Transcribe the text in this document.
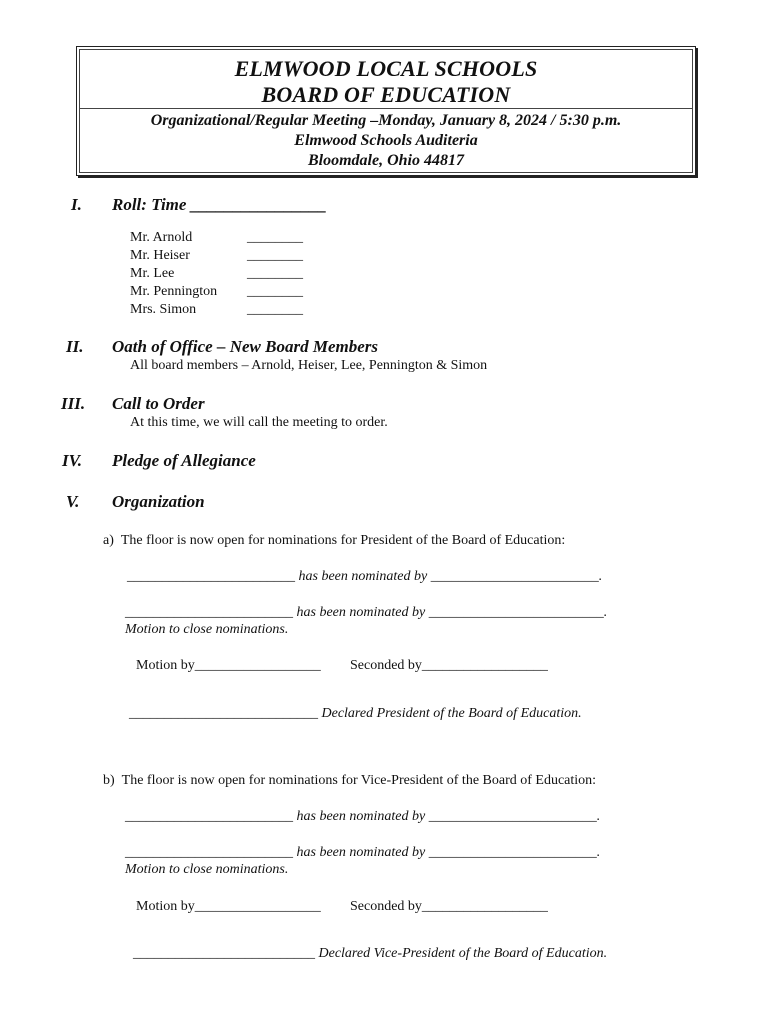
ELMWOOD LOCAL SCHOOLS
BOARD OF EDUCATION
Organizational/Regular Meeting –Monday, January 8, 2024 / 5:30 p.m.
Elmwood Schools Auditeria
Bloomdale, Ohio 44817
I. Roll: Time ________________
Mr. Arnold	________
Mr. Heiser	________
Mr. Lee	________
Mr. Pennington ________
Mrs. Simon	________
II. Oath of Office – New Board Members
All board members – Arnold, Heiser, Lee, Pennington & Simon
III. Call to Order
At this time, we will call the meeting to order.
IV. Pledge of Allegiance
V. Organization
a)  The floor is now open for nominations for President of the Board of Education:
________________________ has been nominated by ________________________.
________________________ has been nominated by _________________________.
Motion to close nominations.
Motion by__________________ Seconded by__________________
___________________________ Declared President of the Board of Education.
b)  The floor is now open for nominations for Vice-President of the Board of Education:
________________________ has been nominated by ________________________.
________________________ has been nominated by ________________________.
Motion to close nominations.
Motion by__________________ Seconded by__________________
__________________________ Declared Vice-President of the Board of Education.
